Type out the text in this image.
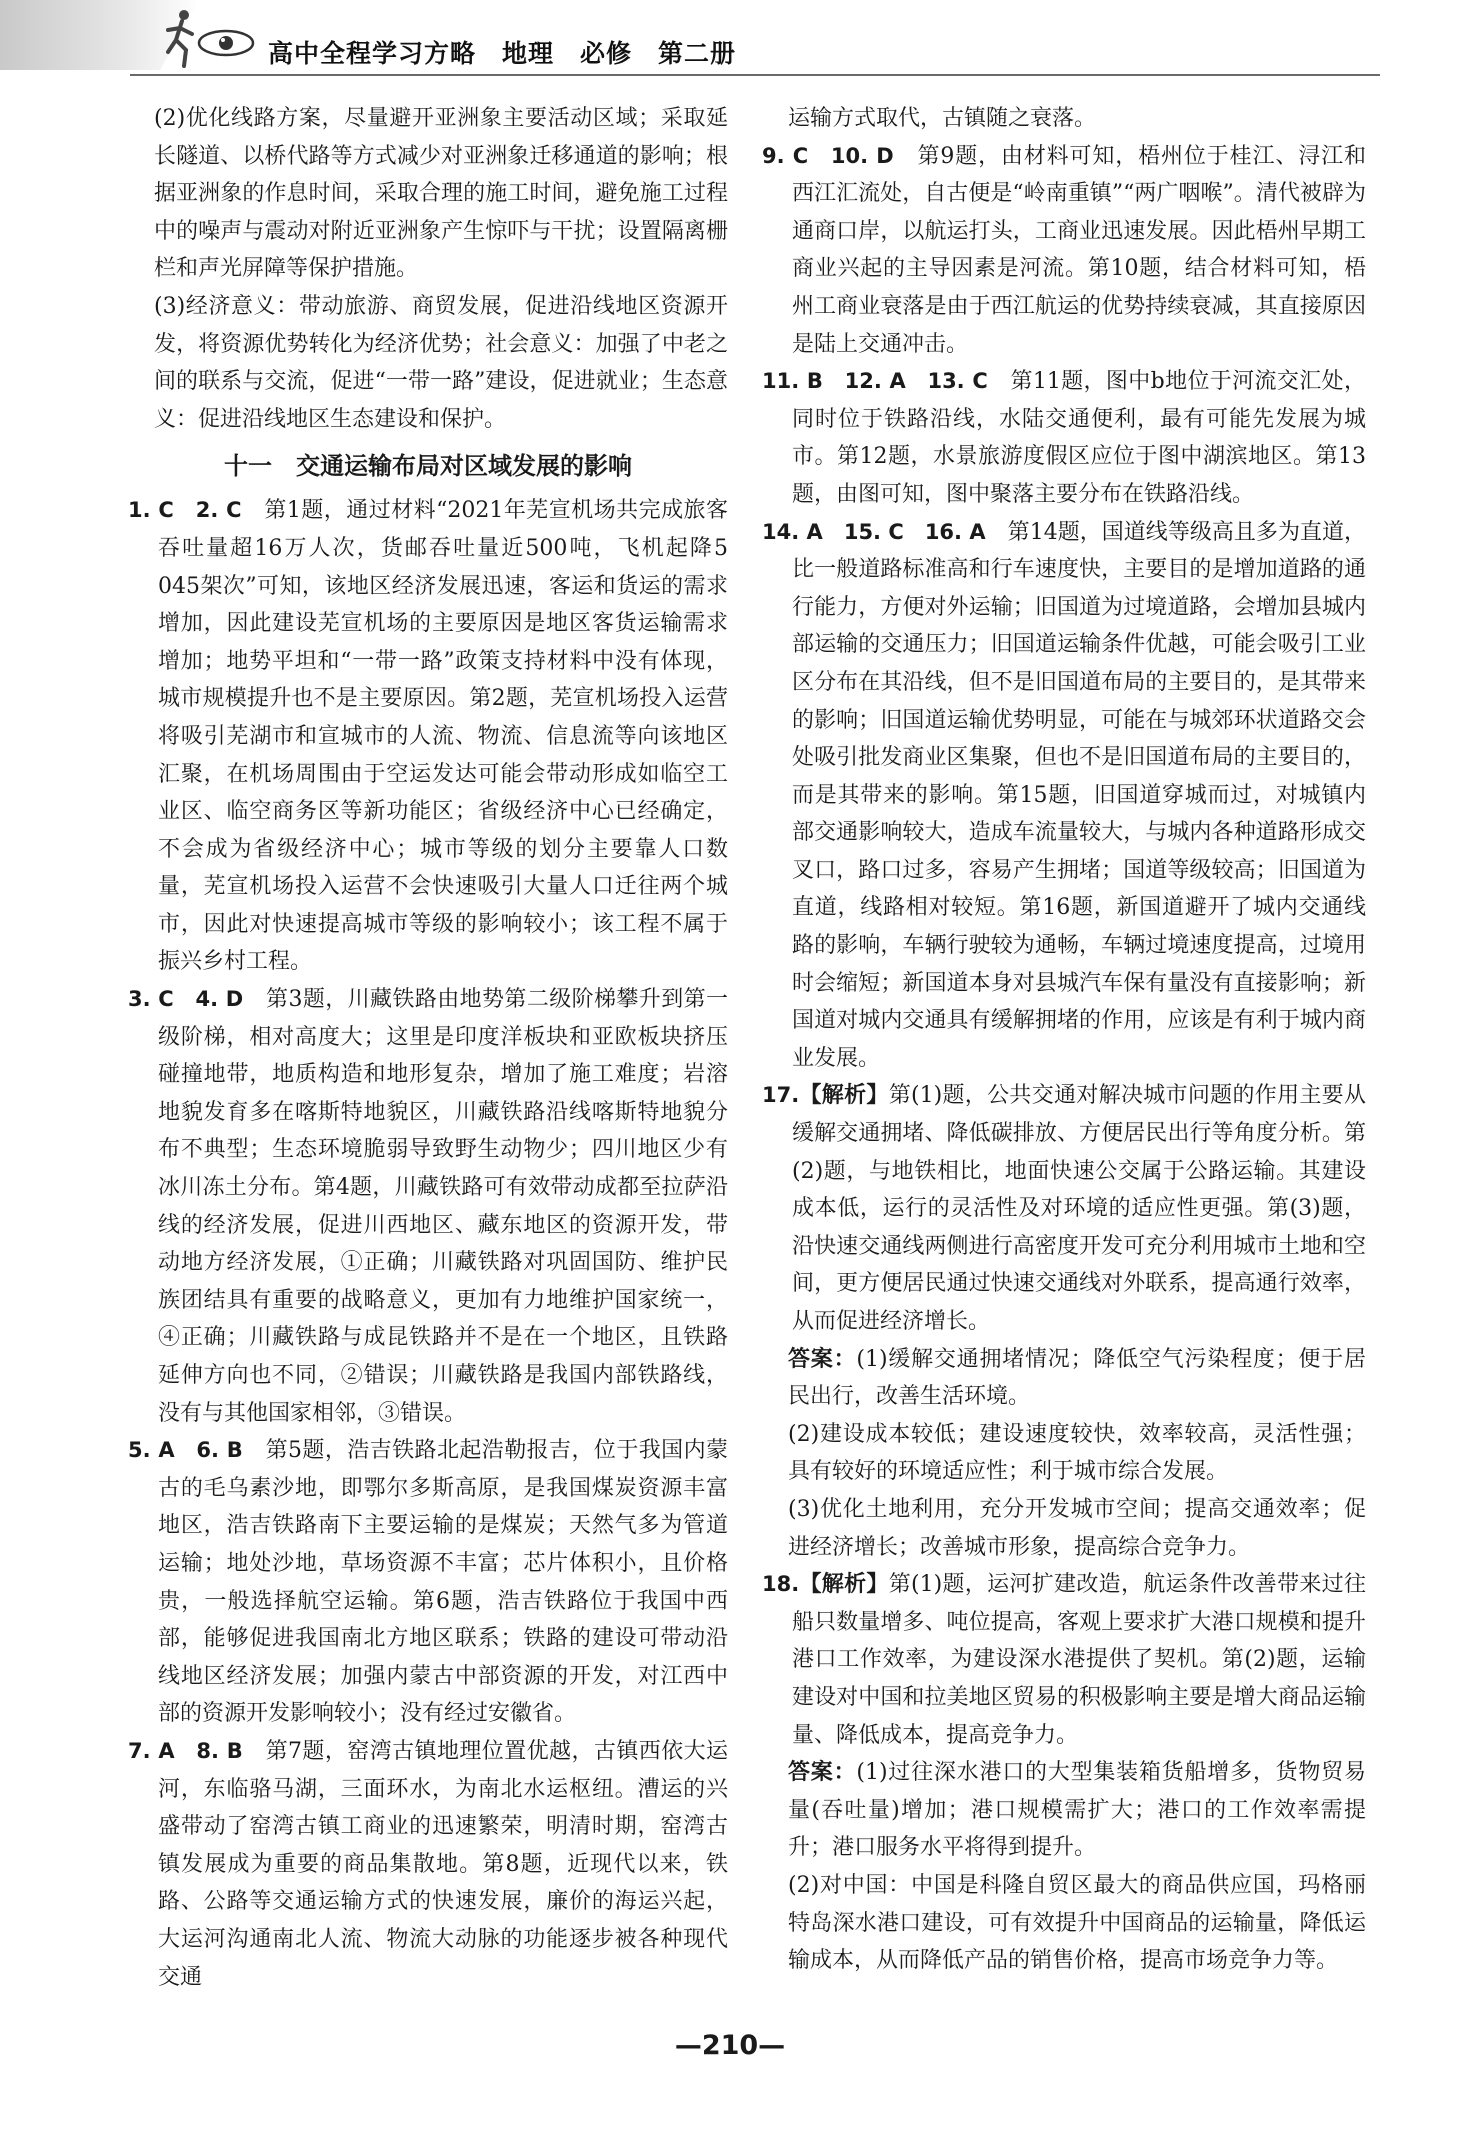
高中全程学习方略 地理 必修 第二册

(2)优化线路方案，尽量避开亚洲象主要活动区域；采取延长隧道、以桥代路等方式减少对亚洲象迁移通道的影响；根据亚洲象的作息时间，采取合理的施工时间，避免施工过程中的噪声与震动对附近亚洲象产生惊吓与干扰；设置隔离栅栏和声光屏障等保护措施。

(3)经济意义：带动旅游、商贸发展，促进沿线地区资源开发，将资源优势转化为经济优势；社会意义：加强了中老之间的联系与交流，促进“一带一路”建设，促进就业；生态意义：促进沿线地区生态建设和保护。

十一　交通运输布局对区域发展的影响

1. C　2. C　第1题，通过材料“2021年芜宣机场共完成旅客吞吐量超16万人次，货邮吞吐量近500吨，飞机起降5 045架次”可知，该地区经济发展迅速，客运和货运的需求增加，因此建设芜宣机场的主要原因是地区客货运输需求增加；地势平坦和“一带一路”政策支持材料中没有体现，城市规模提升也不是主要原因。第2题，芜宣机场投入运营将吸引芜湖市和宣城市的人流、物流、信息流等向该地区汇聚，在机场周围由于空运发达可能会带动形成如临空工业区、临空商务区等新功能区；省级经济中心已经确定，不会成为省级经济中心；城市等级的划分主要靠人口数量，芜宣机场投入运营不会快速吸引大量人口迁往两个城市，因此对快速提高城市等级的影响较小；该工程不属于振兴乡村工程。

3. C　4. D　第3题，川藏铁路由地势第二级阶梯攀升到第一级阶梯，相对高度大；这里是印度洋板块和亚欧板块挤压碰撞地带，地质构造和地形复杂，增加了施工难度；岩溶地貌发育多在喀斯特地貌区，川藏铁路沿线喀斯特地貌分布不典型；生态环境脆弱导致野生动物少；四川地区少有冰川冻土分布。第4题，川藏铁路可有效带动成都至拉萨沿线的经济发展，促进川西地区、藏东地区的资源开发，带动地方经济发展，①正确；川藏铁路对巩固国防、维护民族团结具有重要的战略意义，更加有力地维护国家统一，④正确；川藏铁路与成昆铁路并不是在一个地区，且铁路延伸方向也不同，②错误；川藏铁路是我国内部铁路线，没有与其他国家相邻，③错误。

5. A　6. B　第5题，浩吉铁路北起浩勒报吉，位于我国内蒙古的毛乌素沙地，即鄂尔多斯高原，是我国煤炭资源丰富地区，浩吉铁路南下主要运输的是煤炭；天然气多为管道运输；地处沙地，草场资源不丰富；芯片体积小，且价格贵，一般选择航空运输。第6题，浩吉铁路位于我国中西部，能够促进我国南北方地区联系；铁路的建设可带动沿线地区经济发展；加强内蒙古中部资源的开发，对江西中部的资源开发影响较小；没有经过安徽省。

7. A　8. B　第7题，窑湾古镇地理位置优越，古镇西依大运河，东临骆马湖，三面环水，为南北水运枢纽。漕运的兴盛带动了窑湾古镇工商业的迅速繁荣，明清时期，窑湾古镇发展成为重要的商品集散地。第8题，近现代以来，铁路、公路等交通运输方式的快速发展，廉价的海运兴起，大运河沟通南北人流、物流大动脉的功能逐步被各种现代交通

运输方式取代，古镇随之衰落。

9. C　10. D　第9题，由材料可知，梧州位于桂江、浔江和西江汇流处，自古便是“岭南重镇”“两广咽喉”。清代被辟为通商口岸，以航运打头，工商业迅速发展。因此梧州早期工商业兴起的主导因素是河流。第10题，结合材料可知，梧州工商业衰落是由于西江航运的优势持续衰减，其直接原因是陆上交通冲击。

11. B　12. A　13. C　第11题，图中b地位于河流交汇处，同时位于铁路沿线，水陆交通便利，最有可能先发展为城市。第12题，水景旅游度假区应位于图中湖滨地区。第13题，由图可知，图中聚落主要分布在铁路沿线。

14. A　15. C　16. A　第14题，国道线等级高且多为直道，比一般道路标准高和行车速度快，主要目的是增加道路的通行能力，方便对外运输；旧国道为过境道路，会增加县城内部运输的交通压力；旧国道运输条件优越，可能会吸引工业区分布在其沿线，但不是旧国道布局的主要目的，是其带来的影响；旧国道运输优势明显，可能在与城郊环状道路交会处吸引批发商业区集聚，但也不是旧国道布局的主要目的，而是其带来的影响。第15题，旧国道穿城而过，对城镇内部交通影响较大，造成车流量较大，与城内各种道路形成交叉口，路口过多，容易产生拥堵；国道等级较高；旧国道为直道，线路相对较短。第16题，新国道避开了城内交通线路的影响，车辆行驶较为通畅，车辆过境速度提高，过境用时会缩短；新国道本身对县城汽车保有量没有直接影响；新国道对城内交通具有缓解拥堵的作用，应该是有利于城内商业发展。

17.【解析】第(1)题，公共交通对解决城市问题的作用主要从缓解交通拥堵、降低碳排放、方便居民出行等角度分析。第(2)题，与地铁相比，地面快速公交属于公路运输。其建设成本低，运行的灵活性及对环境的适应性更强。第(3)题，沿快速交通线两侧进行高密度开发可充分利用城市土地和空间，更方便居民通过快速交通线对外联系，提高通行效率，从而促进经济增长。

答案：(1)缓解交通拥堵情况；降低空气污染程度；便于居民出行，改善生活环境。

(2)建设成本较低；建设速度较快，效率较高，灵活性强；具有较好的环境适应性；利于城市综合发展。

(3)优化土地利用，充分开发城市空间；提高交通效率；促进经济增长；改善城市形象，提高综合竞争力。

18.【解析】第(1)题，运河扩建改造，航运条件改善带来过往船只数量增多、吨位提高，客观上要求扩大港口规模和提升港口工作效率，为建设深水港提供了契机。第(2)题，运输建设对中国和拉美地区贸易的积极影响主要是增大商品运输量、降低成本，提高竞争力。

答案：(1)过往深水港口的大型集装箱货船增多，货物贸易量(吞吐量)增加；港口规模需扩大；港口的工作效率需提升；港口服务水平将得到提升。

(2)对中国：中国是科隆自贸区最大的商品供应国，玛格丽特岛深水港口建设，可有效提升中国商品的运输量，降低运输成本，从而降低产品的销售价格，提高市场竞争力等。

—210—
